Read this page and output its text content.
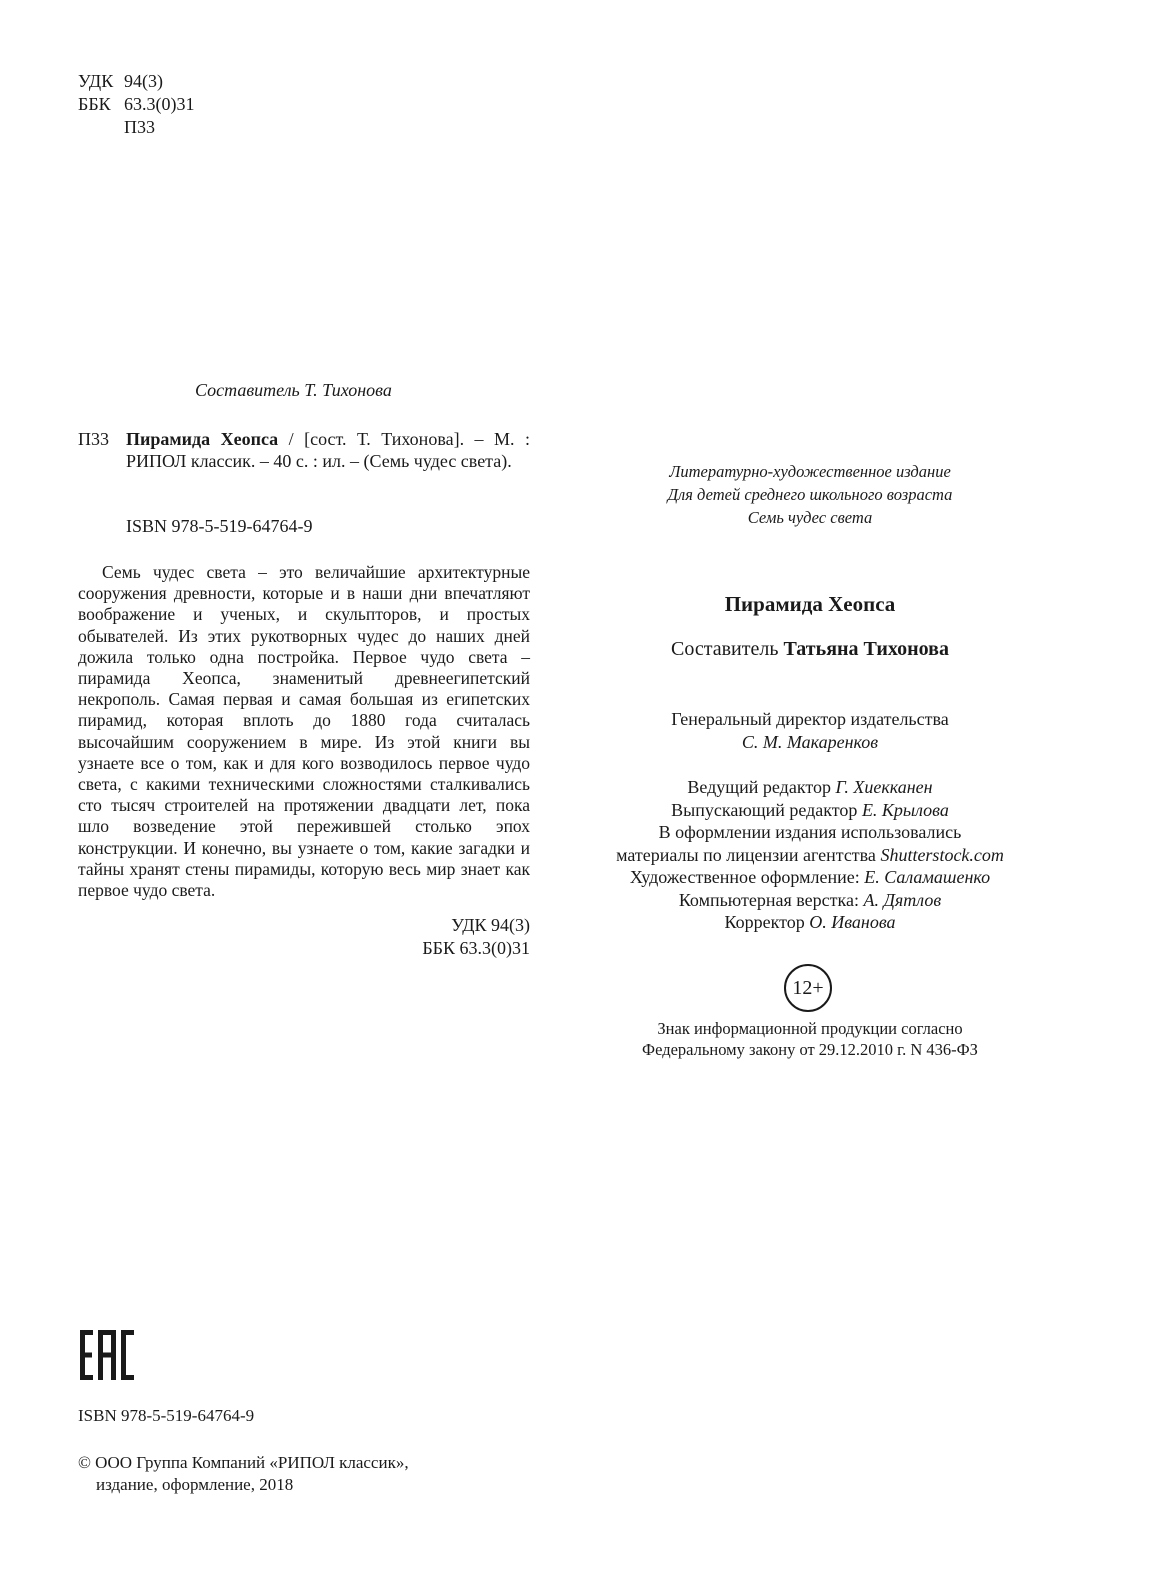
УДК 94(3)
ББК 63.3(0)31
П33
Составитель Т. Тихонова
П33 Пирамида Хеопса / [сост. Т. Тихонова]. – М. : РИПОЛ классик. – 40 с. : ил. – (Семь чудес света).
ISBN 978-5-519-64764-9
Семь чудес света – это величайшие архитектурные сооружения древности, которые и в наши дни впечатляют воображение и ученых, и скульпторов, и простых обывателей. Из этих рукотворных чудес до наших дней дожила только одна постройка. Первое чудо света – пирамида Хеопса, знаменитый древнеегипетский некрополь. Самая первая и самая большая из египетских пирамид, которая вплоть до 1880 года считалась высочайшим сооружением в мире. Из этой книги вы узнаете все о том, как и для кого возводилось первое чудо света, с какими техническими сложностями сталкивались сто тысяч строителей на протяжении двадцати лет, пока шло возведение этой пережившей столько эпох конструкции. И конечно, вы узнаете о том, какие загадки и тайны хранят стены пирамиды, которую весь мир знает как первое чудо света.
УДК 94(3)
ББК 63.3(0)31
Литературно-художественное издание
Для детей среднего школьного возраста
Семь чудес света
Пирамида Хеопса
Составитель Татьяна Тихонова
Генеральный директор издательства
С. М. Макаренков
Ведущий редактор Г. Хиекканен
Выпускающий редактор Е. Крылова
В оформлении издания использовались
материалы по лицензии агентства Shutterstock.com
Художественное оформление: Е. Саламашенко
Компьютерная верстка: А. Дятлов
Корректор О. Иванова
12+
Знак информационной продукции согласно
Федеральному закону от 29.12.2010 г. N 436-ФЗ
ISBN 978-5-519-64764-9
© ООО Группа Компаний «РИПОЛ классик»,
издание, оформление, 2018
